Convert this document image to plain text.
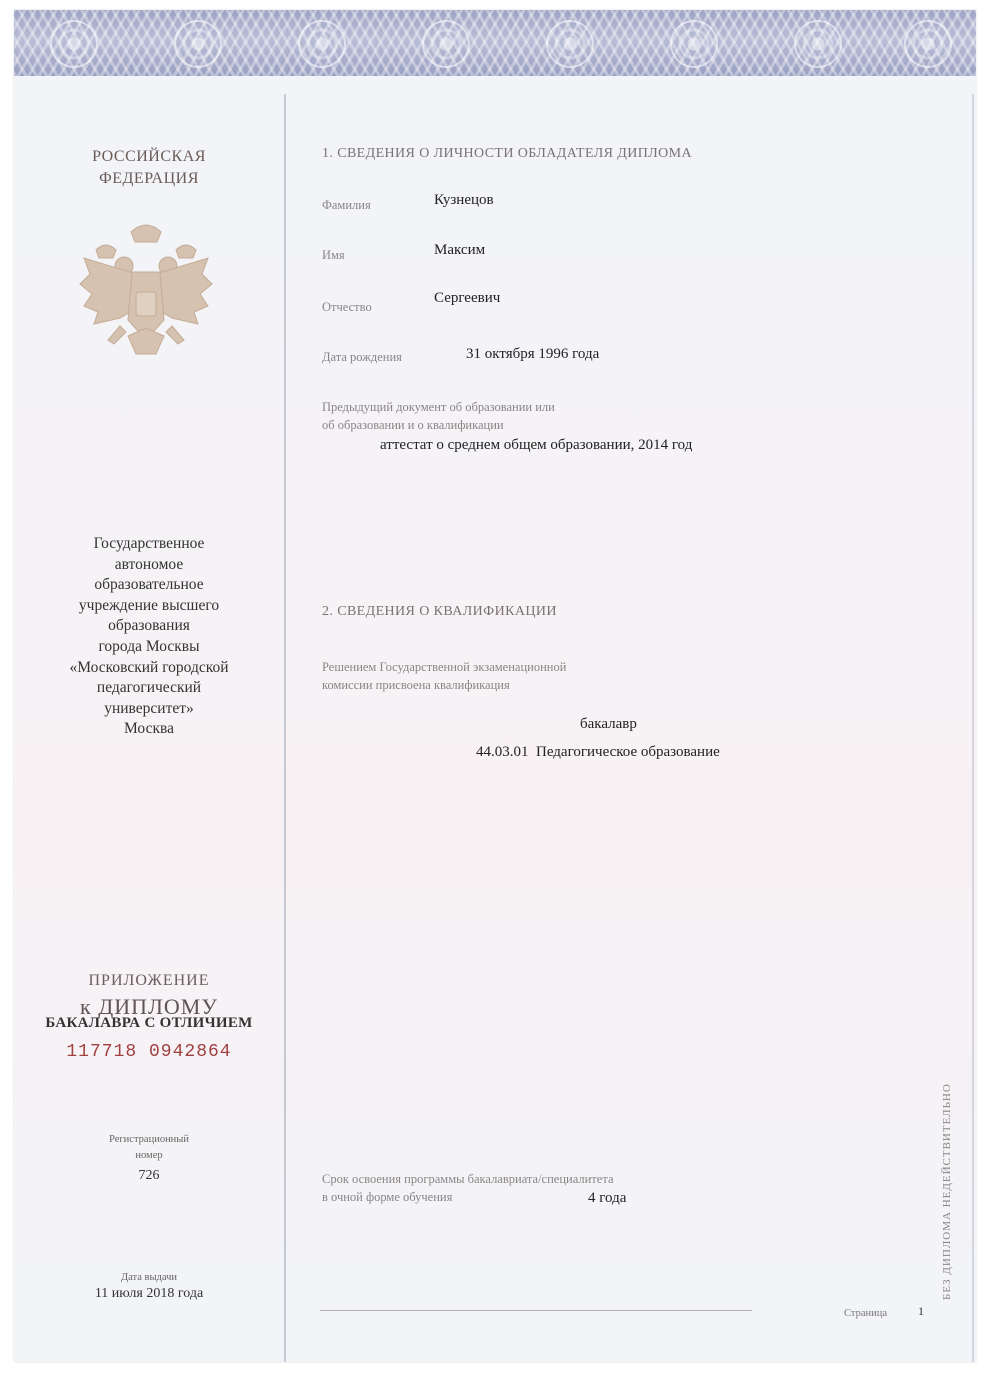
РОССИЙСКАЯ
ФЕДЕРАЦИЯ
Государственное
автономое
образовательное
учреждение высшего
образования
города Москвы
«Московский городской
педагогический
университет»
Москва
ПРИЛОЖЕНИЕ
к ДИПЛОМУ
БАКАЛАВРА С ОТЛИЧИЕМ
117718 0942864
Регистрационный
номер
726
Дата выдачи
11 июля 2018 года
1. СВЕДЕНИЯ О ЛИЧНОСТИ ОБЛАДАТЕЛЯ ДИПЛОМА
Фамилия	Кузнецов
Имя	Максим
Отчество
Сергеевич
Дата рождения	31 октября 1996 года
Предыдущий документ об образовании или
об образовании и о квалификации
аттестат о среднем общем образовании, 2014 год
2. СВЕДЕНИЯ О КВАЛИФИКАЦИИ
Решением Государственной экзаменационной
комиссии присвоена квалификация
бакалавр
44.03.01  Педагогическое образование
Срок освоения программы бакалавриата/специалитета
в очной форме обучения	4 года	БЕЗ ДИПЛОМА НЕДЕЙСТВИТЕЛЬНО
Страница	1
